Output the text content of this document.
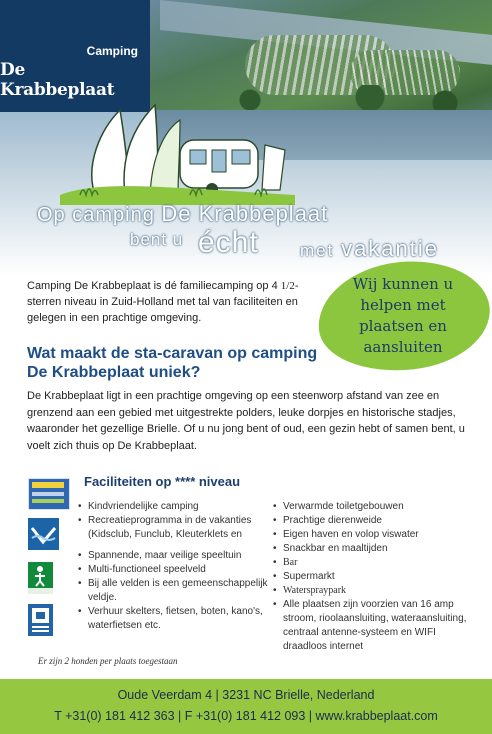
Camping
De Krabbeplaat
Op camping De Krabbeplaat
bent u écht met vakantie
Wij kunnen u
helpen met
plaatsen en
aansluiten
Camping De Krabbeplaat is dé familiecamping op 4 1/2-sterren niveau in Zuid-Holland met tal van faciliteiten en gelegen in een prachtige omgeving.
Wat maakt de sta-caravan op camping De Krabbeplaat uniek?
De Krabbeplaat ligt in een prachtige omgeving op een steenworp afstand van zee en grenzend aan een gebied met uitgestrekte polders, leuke dorpjes en historische stadjes, waaronder het gezellige Brielle. Of u nu jong bent of oud, een gezin hebt of samen bent, u voelt zich thuis op De Krabbeplaat.
Faciliteiten op **** niveau
• Kindvriendelijke camping
• Recreatieprogramma in de vakanties (Kidsclub, Funclub, Kleuterklets en
• Spannende, maar veilige speeltuin
• Multi-functioneel speelveld
• Bij alle velden is een gemeenschappelijk veldje.
• Verhuur skelters, fietsen, boten, kano's, waterfietsen etc.
• Verwarmde toiletgebouwen
• Prachtige dierenweide
• Eigen haven en volop viswater
• Snackbar en maaltijden
• Bar
• Supermarkt
• Waterspraypark
• Alle plaatsen zijn voorzien van 16 amp stroom, rioolaansluiting, wateraansluiting, centraal antenne-systeem en WIFI draadloos internet
Er zijn 2 honden per plaats toegestaan
Oude Veerdam 4 | 3231 NC Brielle, Nederland
T +31(0) 181 412 363 | F +31(0) 181 412 093 | www.krabbeplaat.com
